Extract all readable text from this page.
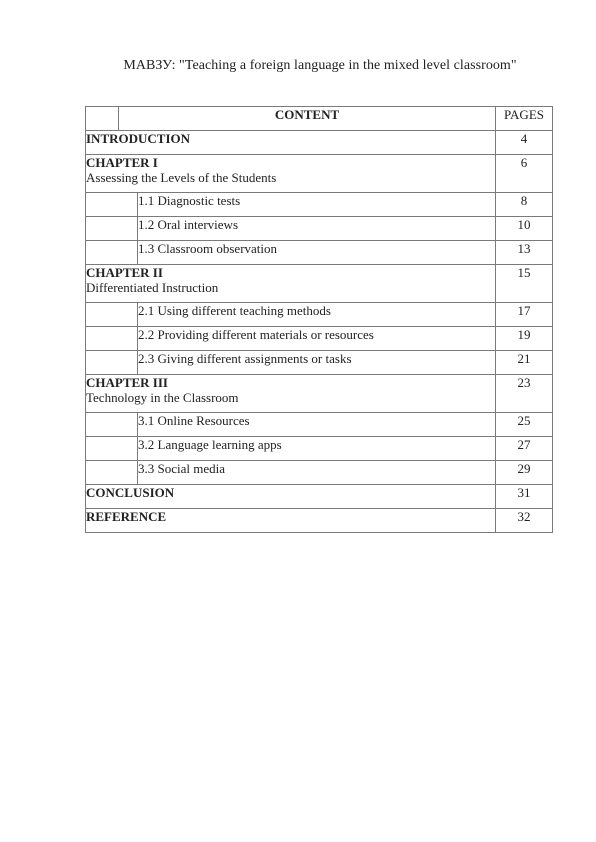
МАВЗУ: "Teaching a foreign language in the mixed level classroom"
	CONTENT		PAGES
INTRODUCTION			4

CHAPTER I
Assessing the Levels of the Students			6
		1.1 Diagnostic tests	8
		1.2 Oral interviews	10
		1.3 Classroom observation	13

CHAPTER II
Differentiated Instruction			15
		2.1 Using different teaching methods	17
		2.2 Providing different materials or resources	19
		2.3 Giving different assignments or tasks	21

CHAPTER III
Technology in the Classroom			23
		3.1 Online Resources	25
		3.2 Language learning apps	27
		3.3 Social media	29
CONCLUSION			31
REFERENCE			32
